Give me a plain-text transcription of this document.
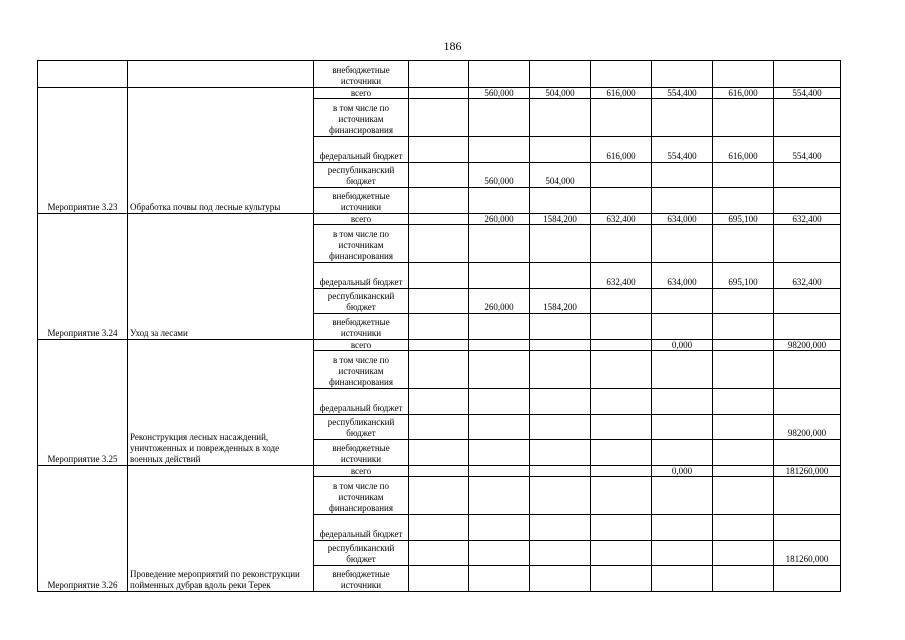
186
		внебюджетные источники							
Мероприятие 3.23	Обработка почвы под лесные культуры	всего		560,000	504,000	616,000	554,400	616,000	554,400
		в том числе по источникам финансирования							
		федеральный бюджет				616,000	554,400	616,000	554,400
		республиканский бюджет		560,000	504,000				
		внебюджетные источники							
Мероприятие 3.24	Уход за лесами	всего		260,000	1584,200	632,400	634,000	695,100	632,400
		в том числе по источникам финансирования							
		федеральный бюджет				632,400	634,000	695,100	632,400
		республиканский бюджет		260,000	1584,200				
		внебюджетные источники							
Мероприятие 3.25	Реконструкция лесных насаждений, уничтоженных и поврежденных в ходе военных действий	всего					0,000		98200,000
		в том числе по источникам финансирования							
		федеральный бюджет							
		республиканский бюджет							98200,000
		внебюджетные источники							
Мероприятие 3.26	Проведение мероприятий по реконструкции пойменных дубрав вдоль реки Терек	всего					0,000		181260,000
		в том числе по источникам финансирования							
		федеральный бюджет							
		республиканский бюджет							181260,000
		внебюджетные источники							
